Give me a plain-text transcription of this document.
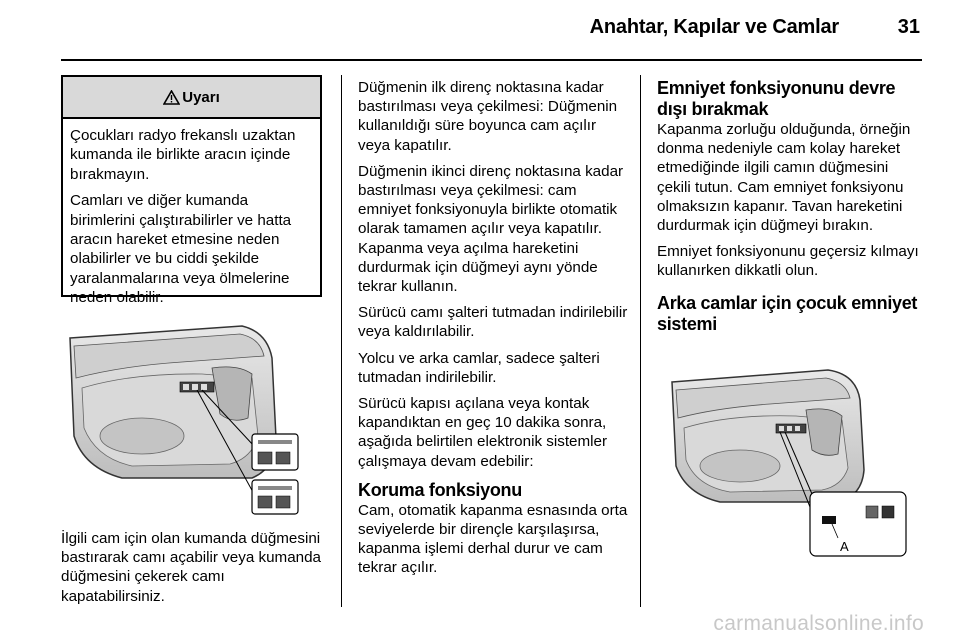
Anahtar, Kapılar ve Camlar	31
Uyarı

Çocukları radyo frekanslı uzaktan kumanda ile birlikte aracın içinde bırakmayın.

Camları ve diğer kumanda birimlerini çalıştırabilirler ve hatta aracın hareket etmesine neden olabilirler ve bu ciddi şekilde yaralanmalarına veya ölmelerine neden olabilir.

İlgili cam için olan kumanda düğmesini bastırarak camı açabilir veya kumanda düğmesini çekerek camı kapatabilirsiniz.

Düğmenin ilk direnç noktasına kadar bastırılması veya çekilmesi: Düğmenin kullanıldığı süre boyunca cam açılır veya kapatılır.

Düğmenin ikinci direnç noktasına kadar bastırılması veya çekilmesi: cam emniyet fonksiyonuyla birlikte otomatik olarak tamamen açılır veya kapatılır. Kapanma veya açılma hareketini durdurmak için düğmeyi aynı yönde tekrar kullanın.

Sürücü camı şalteri tutmadan indirilebilir veya kaldırılabilir.

Yolcu ve arka camlar, sadece şalteri tutmadan indirilebilir.

Sürücü kapısı açılana veya kontak kapandıktan en geç 10 dakika sonra, aşağıda belirtilen elektronik sistemler çalışmaya devam edebilir:

Koruma fonksiyonu
Cam, otomatik kapanma esnasında orta seviyelerde bir dirençle karşılaşırsa, kapanma işlemi derhal durur ve cam tekrar açılır.
Emniyet fonksiyonunu devre dışı bırakmak

Kapanma zorluğu olduğunda, örneğin donma nedeniyle cam kolay hareket etmediğinde ilgili camın düğmesini çekili tutun. Cam emniyet fonksiyonu olmaksızın kapanır. Tavan hareketini durdurmak için düğmeyi bırakın.

Emniyet fonksiyonunu geçersiz kılmayı kullanırken dikkatli olun.

Arka camlar için çocuk emniyet sistemi
A
carmanualsonline.info
